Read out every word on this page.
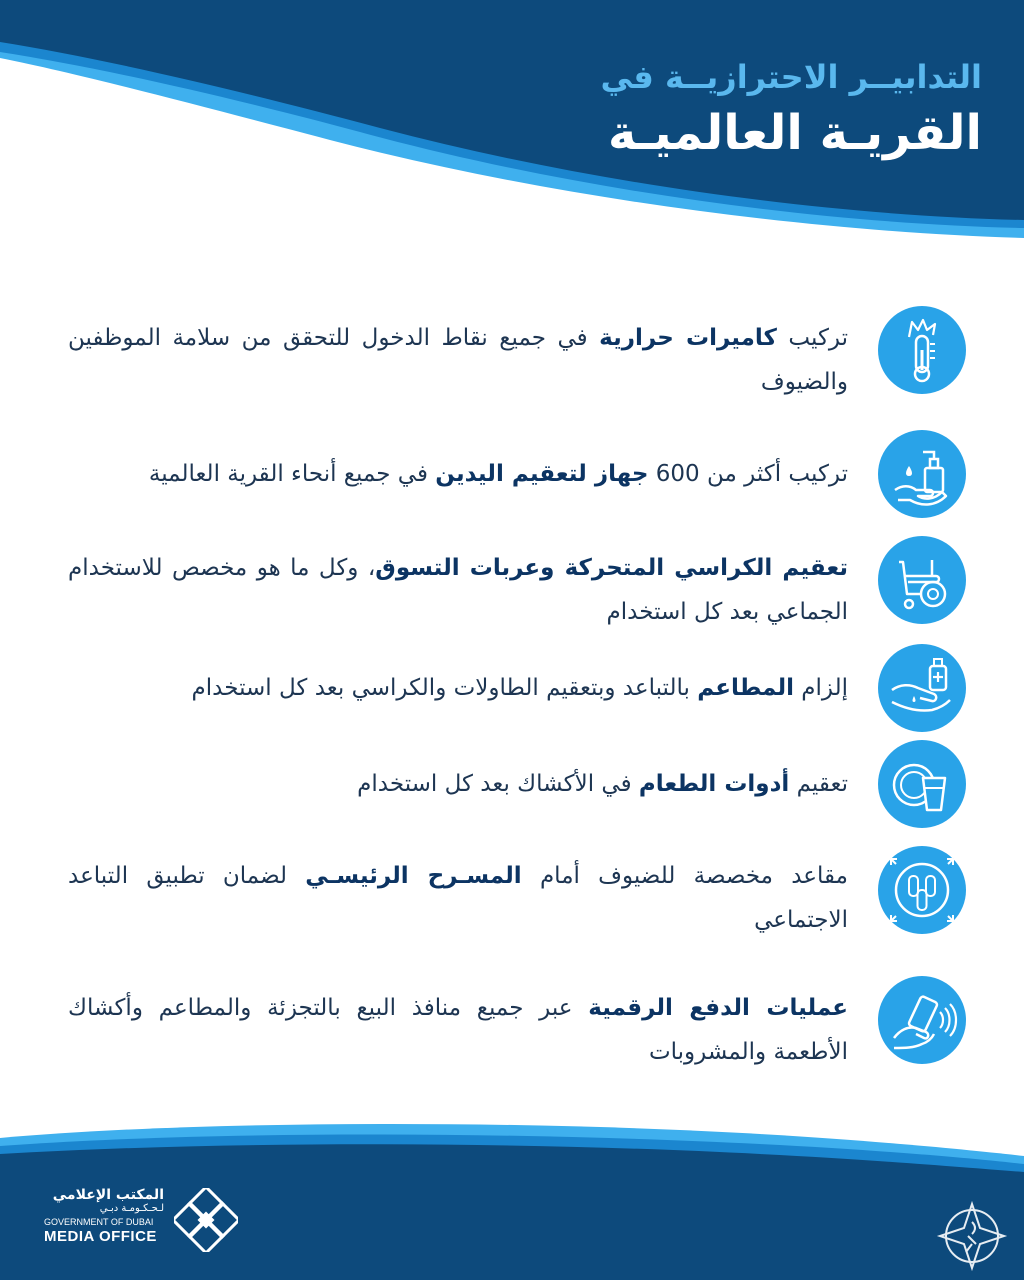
التدابيــر الاحترازيــة في
القريـة العالميـة

تركيب كاميرات حرارية في جميع نقاط الدخول للتحقق من سلامة الموظفين والضيوف

تركيب أكثر من 600 جهاز لتعقيم اليدين في جميع أنحاء القرية العالمية

تعقيم الكراسي المتحركة وعربات التسوق، وكل ما هو مخصص للاستخدام الجماعي بعد كل استخدام

إلزام المطاعم بالتباعد وبتعقيم الطاولات والكراسي بعد كل استخدام

تعقيم أدوات الطعام في الأكشاك بعد كل استخدام

مقاعد مخصصة للضيوف أمام المسـرح الرئيسـي لضمان تطبيق التباعد الاجتماعي

عمليات الدفع الرقمية عبر جميع منافذ البيع بالتجزئة والمطاعم وأكشاك الأطعمة والمشروبات

المكتب الإعلامي
لـحـكـومـة دبـي
GOVERNMENT OF DUBAI
MEDIA OFFICE
